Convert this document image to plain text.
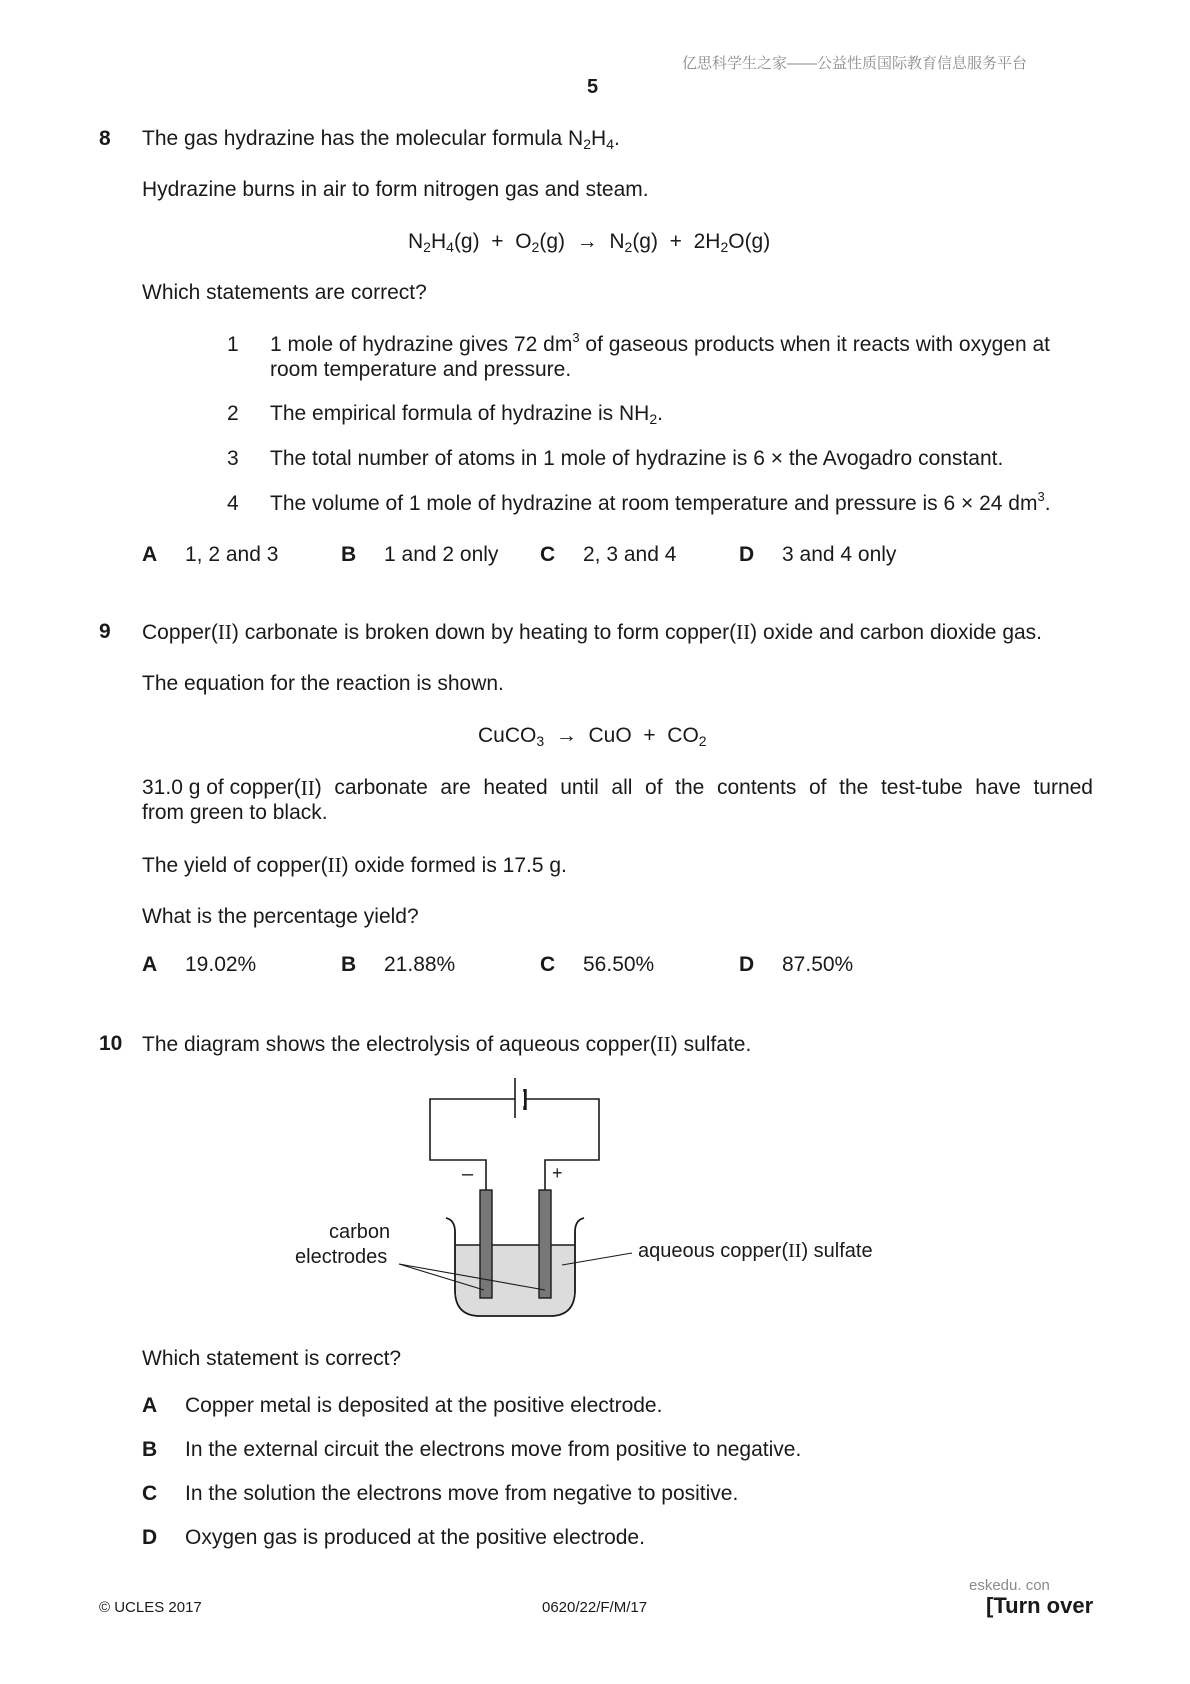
亿思科学生之家——公益性质国际教育信息服务平台
5
8 The gas hydrazine has the molecular formula $N_2H_4$.
Hydrazine burns in air to form nitrogen gas and steam.
$N_2H_4(g) + O_2(g) \to N_2(g) + 2H_2O(g)$
Which statements are correct?
1 1 mole of hydrazine gives 72 $dm^3$ of gaseous products when it reacts with oxygen at
room temperature and pressure.
2 The empirical formula of hydrazine is $NH_2$.
3 The total number of atoms in 1 mole of hydrazine is 6 × the Avogadro constant.
4 The volume of 1 mole of hydrazine at room temperature and pressure is 6 × 24 $dm^3$.
A 1, 2 and 3	B 1 and 2 only C 2, 3 and 4	D 3 and 4 only
9 Copper(II) carbonate is broken down by heating to form copper(II) oxide and carbon dioxide gas.
The equation for the reaction is shown.
CuCO$_3$  →  CuO  +  $CO_2$
31.0 g of copper( II ) carbonate are heated until all of the contents of the test-tube have turned
from green to black.
The yield of copper(II) oxide formed is 17.5 g.
What is the percentage yield?
A 19.02%	B 21.88%	C 56.50%	D 87.50%
10 The diagram shows the electrolysis of aqueous copper(II) sulfate.
–	+
carbon
electrodes	aqueous copper(II) sulfate
Which statement is correct?
A Copper metal is deposited at the positive electrode.
B In the external circuit the electrons move from positive to negative.
C In the solution the electrons move from negative to positive.
D Oxygen gas is produced at the positive electrode.
eskedu. con
© UCLES 2017	0620/22/F/M/17	[Turn over
